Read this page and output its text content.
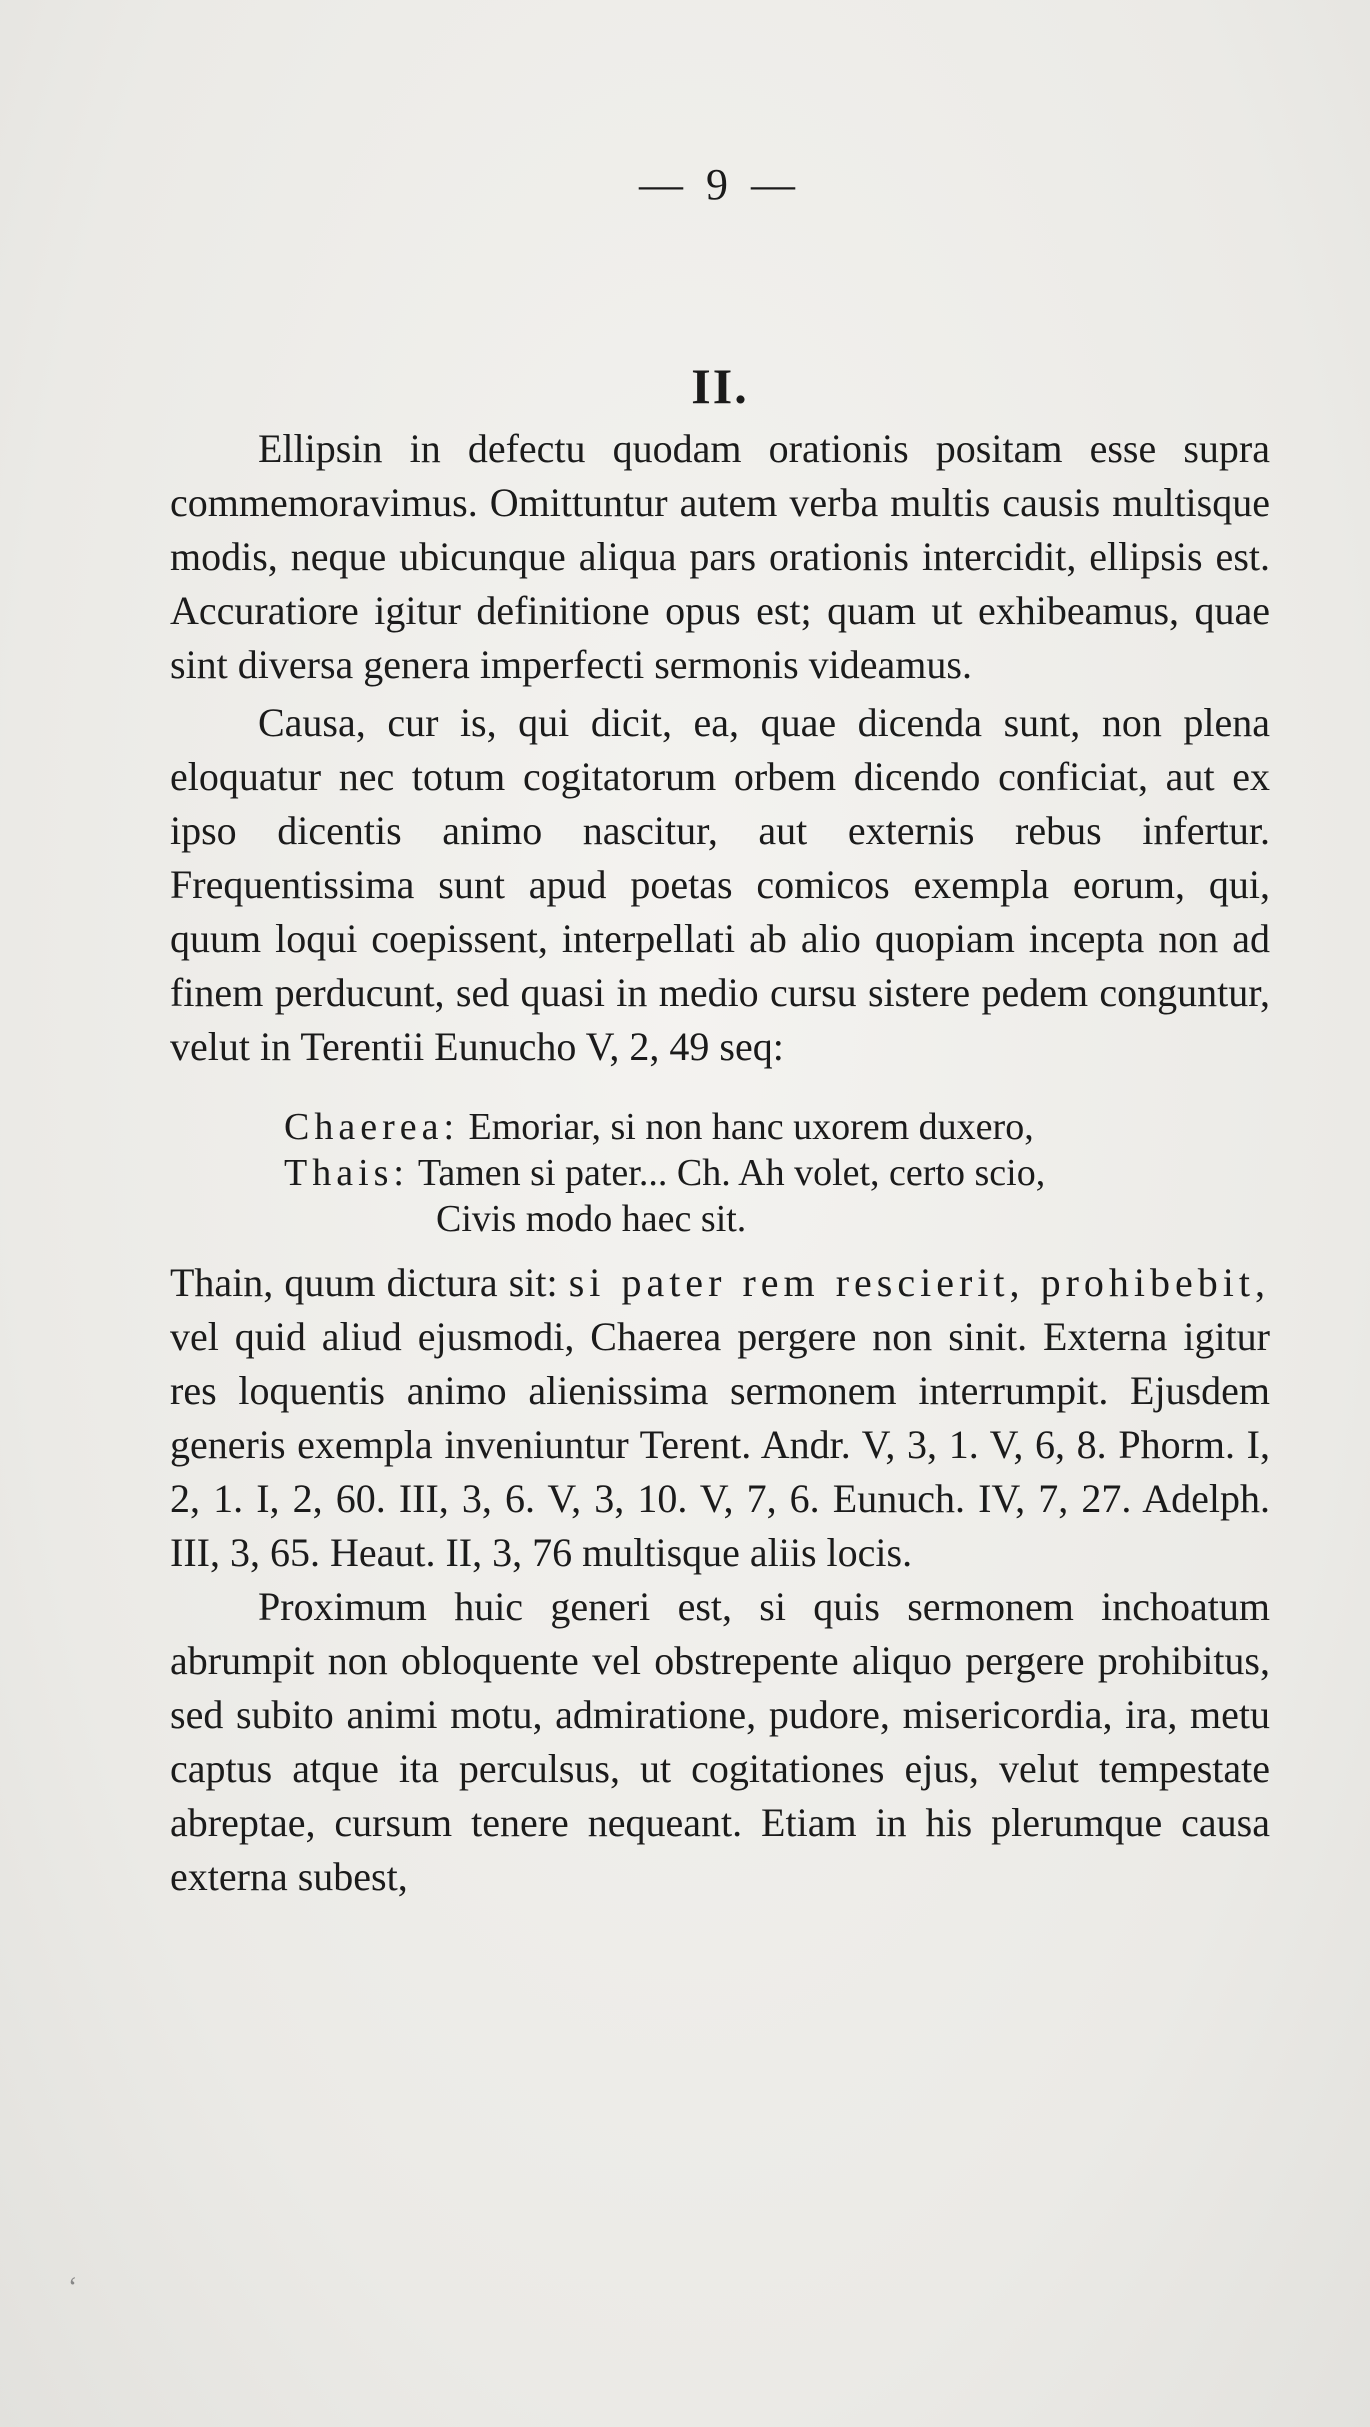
— 9 —

II.

Ellipsin in defectu quodam orationis positam esse supra commemoravimus. Omittuntur autem verba multis causis multisque modis, neque ubicunque aliqua pars orationis intercidit, ellipsis est. Accuratiore igitur definitione opus est; quam ut exhibeamus, quae sint diversa genera imperfecti sermonis videamus.

Causa, cur is, qui dicit, ea, quae dicenda sunt, non plena eloquatur nec totum cogitatorum orbem dicendo conficiat, aut ex ipso dicentis animo nascitur, aut externis rebus infertur. Frequentissima sunt apud poetas comicos exempla eorum, qui, quum loqui coepissent, interpellati ab alio quopiam incepta non ad finem perducunt, sed quasi in medio cursu sistere pedem conguntur, velut in Terentii Eunucho V, 2, 49 seq:

Chaerea: Emoriar, si non hanc uxorem duxero,
Thais: Tamen si pater... Ch. Ah volet, certo scio,
Civis modo haec sit.

Thain, quum dictura sit: si pater rem rescierit, prohibebit, vel quid aliud ejusmodi, Chaerea pergere non sinit. Externa igitur res loquentis animo alienissima sermonem interrumpit. Ejusdem generis exempla inveniuntur Terent. Andr. V, 3, 1. V, 6, 8. Phorm. I, 2, 1. I, 2, 60. III, 3, 6. V, 3, 10. V, 7, 6. Eunuch. IV, 7, 27. Adelph. III, 3, 65. Heaut. II, 3, 76 multisque aliis locis.

Proximum huic generi est, si quis sermonem inchoatum abrumpit non obloquente vel obstrepente aliquo pergere prohibitus, sed subito animi motu, admiratione, pudore, misericordia, ira, metu captus atque ita perculsus, ut cogitationes ejus, velut tempestate abreptae, cursum tenere nequeant. Etiam in his plerumque causa externa subest,

‘
